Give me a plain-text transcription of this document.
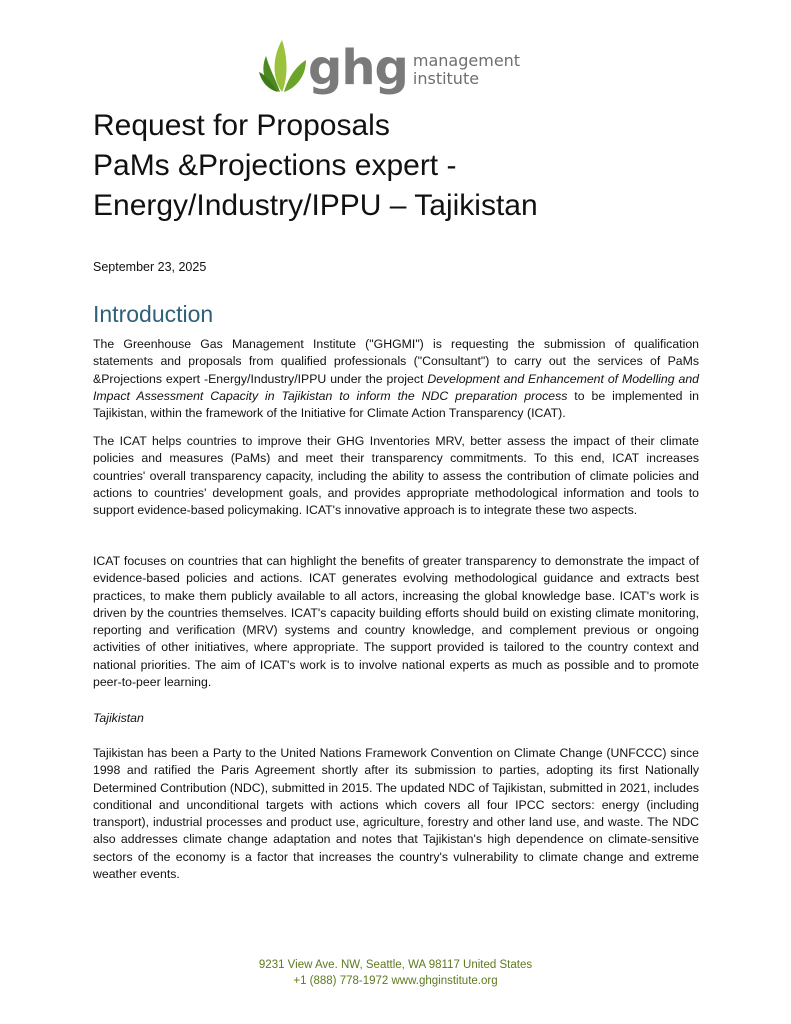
ghg management
institute
Request for Proposals
PaMs &Projections expert -
Energy/Industry/IPPU – Tajikistan
September 23, 2025
Introduction

The Greenhouse Gas Management Institute ("GHGMI") is requesting the submission of qualification statements and proposals from qualified professionals ("Consultant") to carry out the services of PaMs &Projections expert -Energy/Industry/IPPU under the project Development and Enhancement of Modelling and Impact Assessment Capacity in Tajikistan to inform the NDC preparation process to be implemented in Tajikistan, within the framework of the Initiative for Climate Action Transparency (ICAT).

The ICAT helps countries to improve their GHG Inventories MRV, better assess the impact of their climate policies and measures (PaMs) and meet their transparency commitments. To this end, ICAT increases countries' overall transparency capacity, including the ability to assess the contribution of climate policies and actions to countries' development goals, and provides appropriate methodological information and tools to support evidence-based policymaking. ICAT's innovative approach is to integrate these two aspects.

ICAT focuses on countries that can highlight the benefits of greater transparency to demonstrate the impact of evidence-based policies and actions. ICAT generates evolving methodological guidance and extracts best practices, to make them publicly available to all actors, increasing the global knowledge base. ICAT's work is driven by the countries themselves. ICAT's capacity building efforts should build on existing climate monitoring, reporting and verification (MRV) systems and country knowledge, and complement previous or ongoing activities of other initiatives, where appropriate. The support provided is tailored to the country context and national priorities. The aim of ICAT's work is to involve national experts as much as possible and to promote peer-to-peer learning.

Tajikistan

Tajikistan has been a Party to the United Nations Framework Convention on Climate Change (UNFCCC) since 1998 and ratified the Paris Agreement shortly after its submission to parties, adopting its first Nationally Determined Contribution (NDC), submitted in 2015. The updated NDC of Tajikistan, submitted in 2021, includes conditional and unconditional targets with actions which covers all four IPCC sectors: energy (including transport), industrial processes and product use, agriculture, forestry and other land use, and waste. The NDC also addresses climate change adaptation and notes that Tajikistan's high dependence on climate-sensitive sectors of the economy is a factor that increases the country's vulnerability to climate change and extreme weather events.

9231 View Ave. NW, Seattle, WA 98117 United States
+1 (888) 778-1972 www.ghginstitute.org
